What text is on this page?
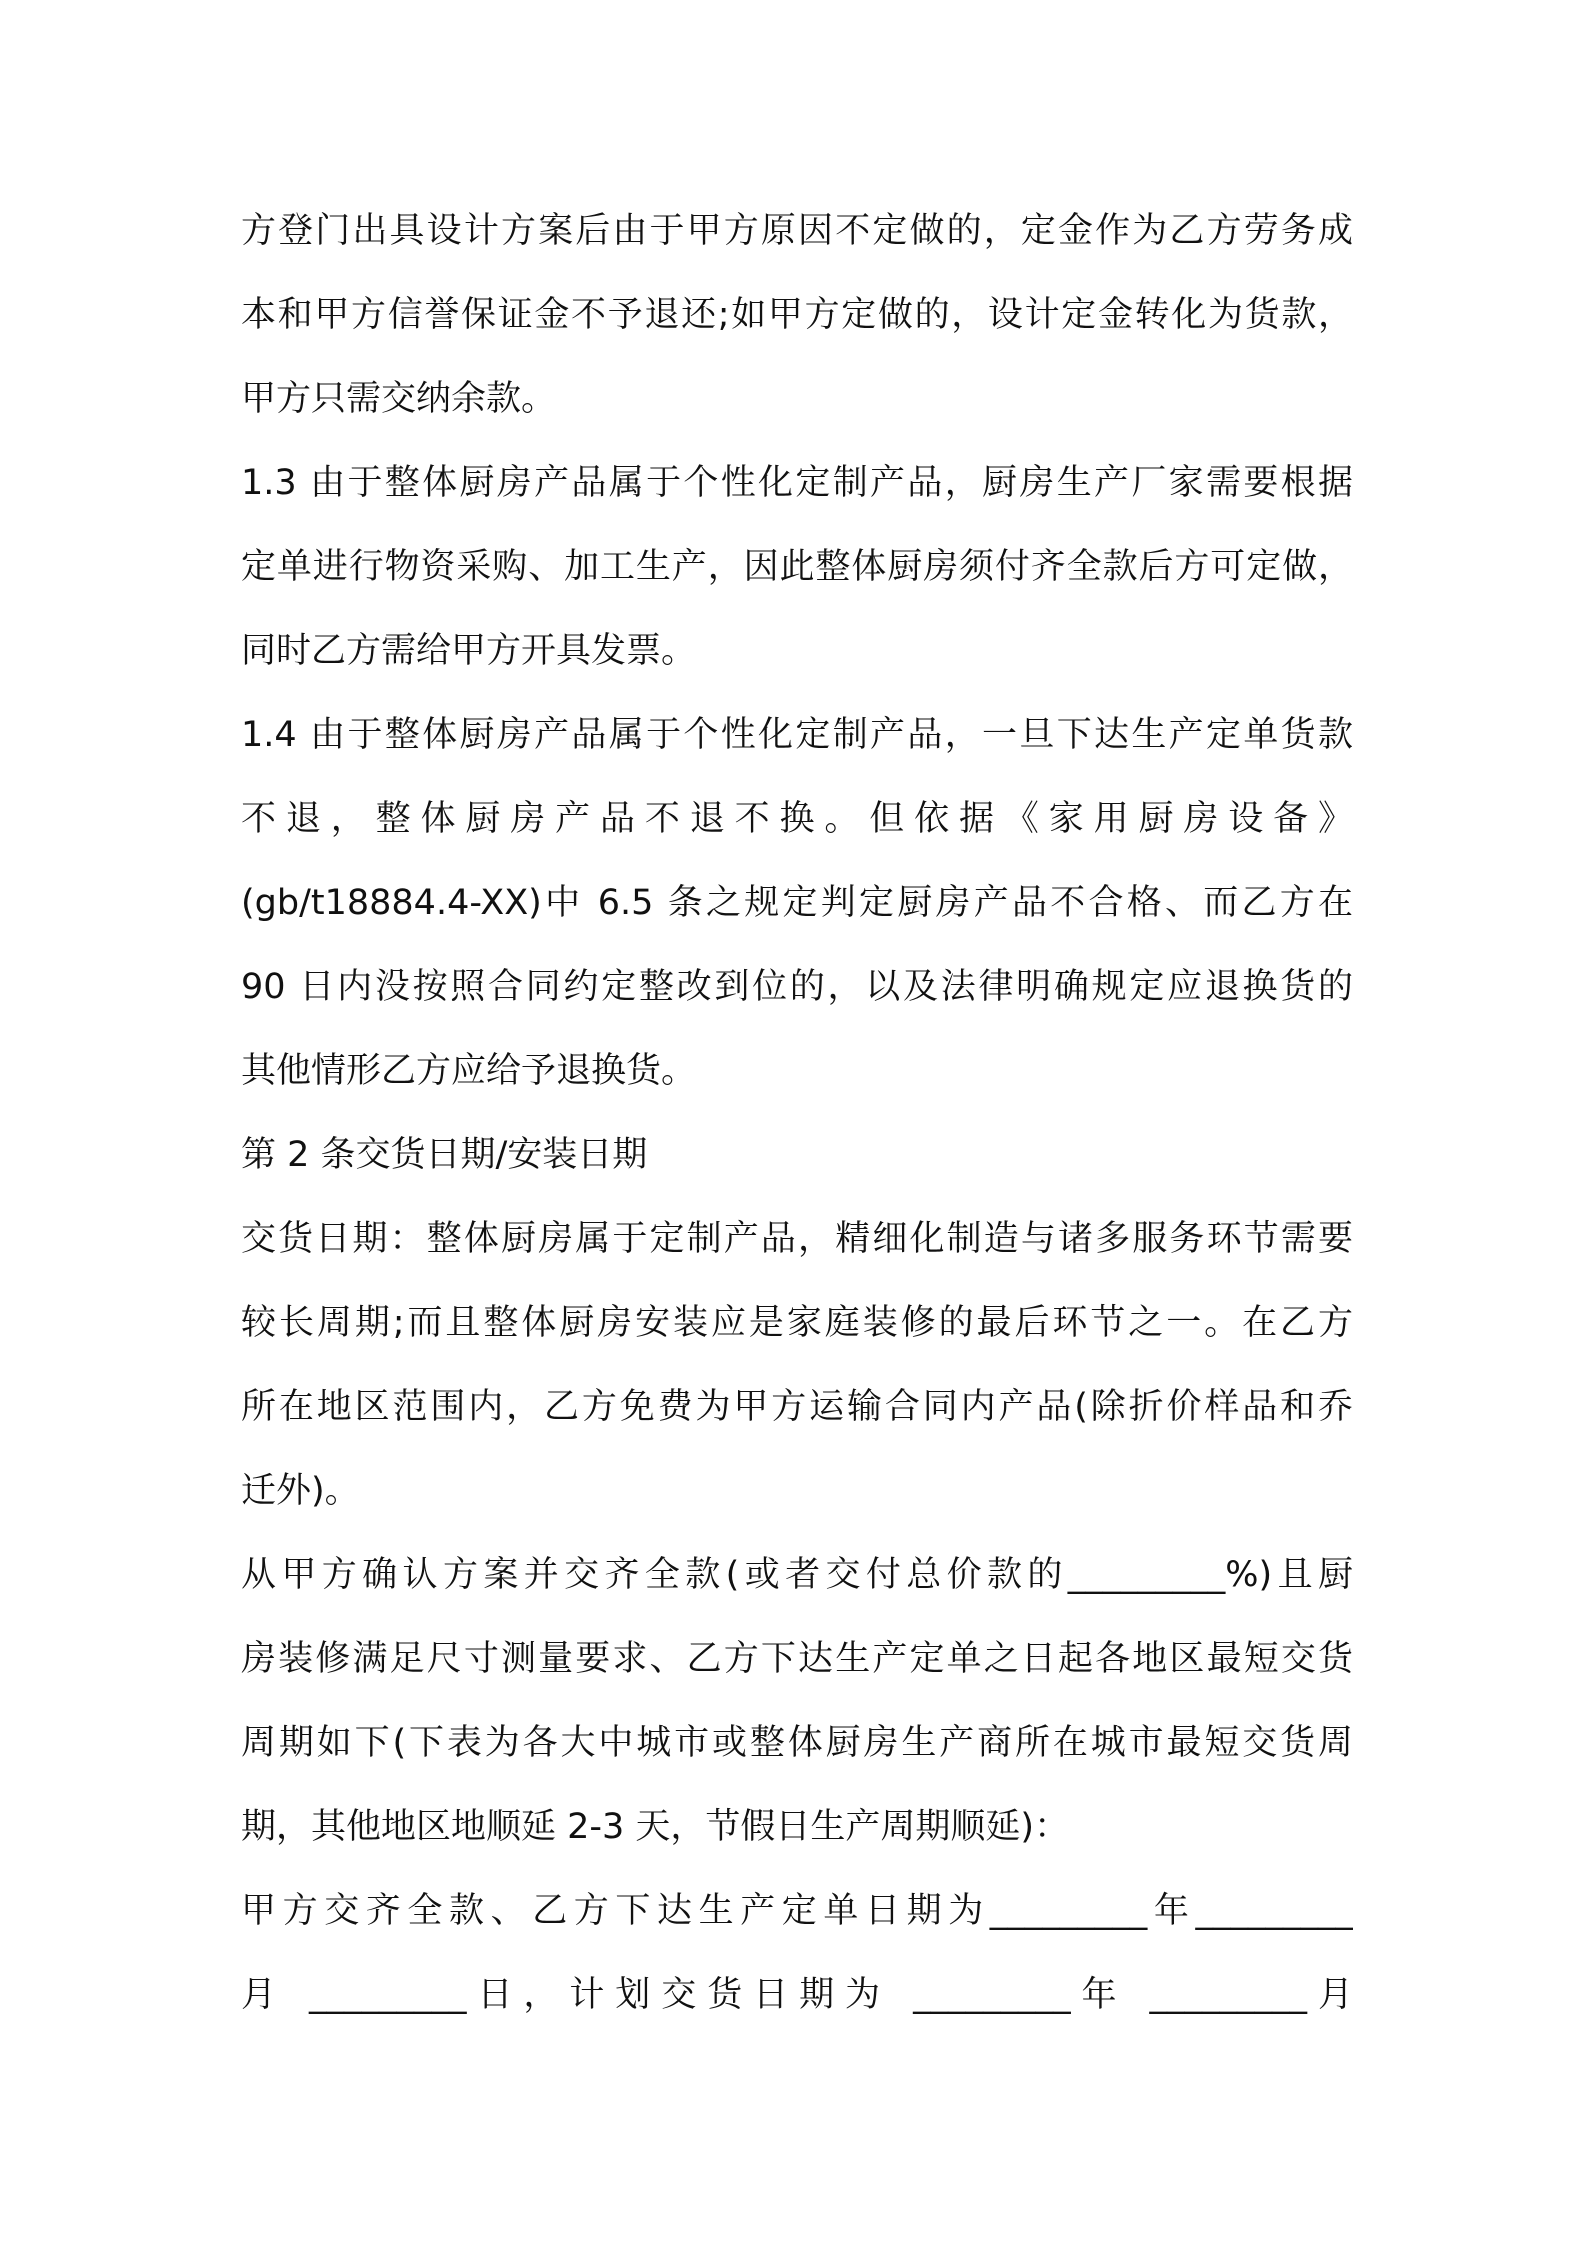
方登门出具设计方案后由于甲方原因不定做的，定金作为乙方劳务成
本和甲方信誉保证金不予退还;如甲方定做的，设计定金转化为货款，
甲方只需交纳余款。
1.3 由于整体厨房产品属于个性化定制产品，厨房生产厂家需要根据
定单进行物资采购、加工生产，因此整体厨房须付齐全款后方可定做，
同时乙方需给甲方开具发票。
1.4 由于整体厨房产品属于个性化定制产品，一旦下达生产定单货款
不退，整体厨房产品不退不换。但依据《家用厨房设备》
(gb/t18884.4-XX)中 6.5 条之规定判定厨房产品不合格、而乙方在
90 日内没按照合同约定整改到位的，以及法律明确规定应退换货的
其他情形乙方应给予退换货。
第 2 条交货日期/安装日期
交货日期：整体厨房属于定制产品，精细化制造与诸多服务环节需要
较长周期;而且整体厨房安装应是家庭装修的最后环节之一。在乙方
所在地区范围内，乙方免费为甲方运输合同内产品(除折价样品和乔
迁外)。
从甲方确认方案并交齐全款(或者交付总价款的_________%)且厨
房装修满足尺寸测量要求、乙方下达生产定单之日起各地区最短交货
周期如下(下表为各大中城市或整体厨房生产商所在城市最短交货周
期，其他地区地顺延 2-3 天，节假日生产周期顺延)：
甲方交齐全款、乙方下达生产定单日期为_________年_________
月 _________日，计划交货日期为 _________年 _________月
